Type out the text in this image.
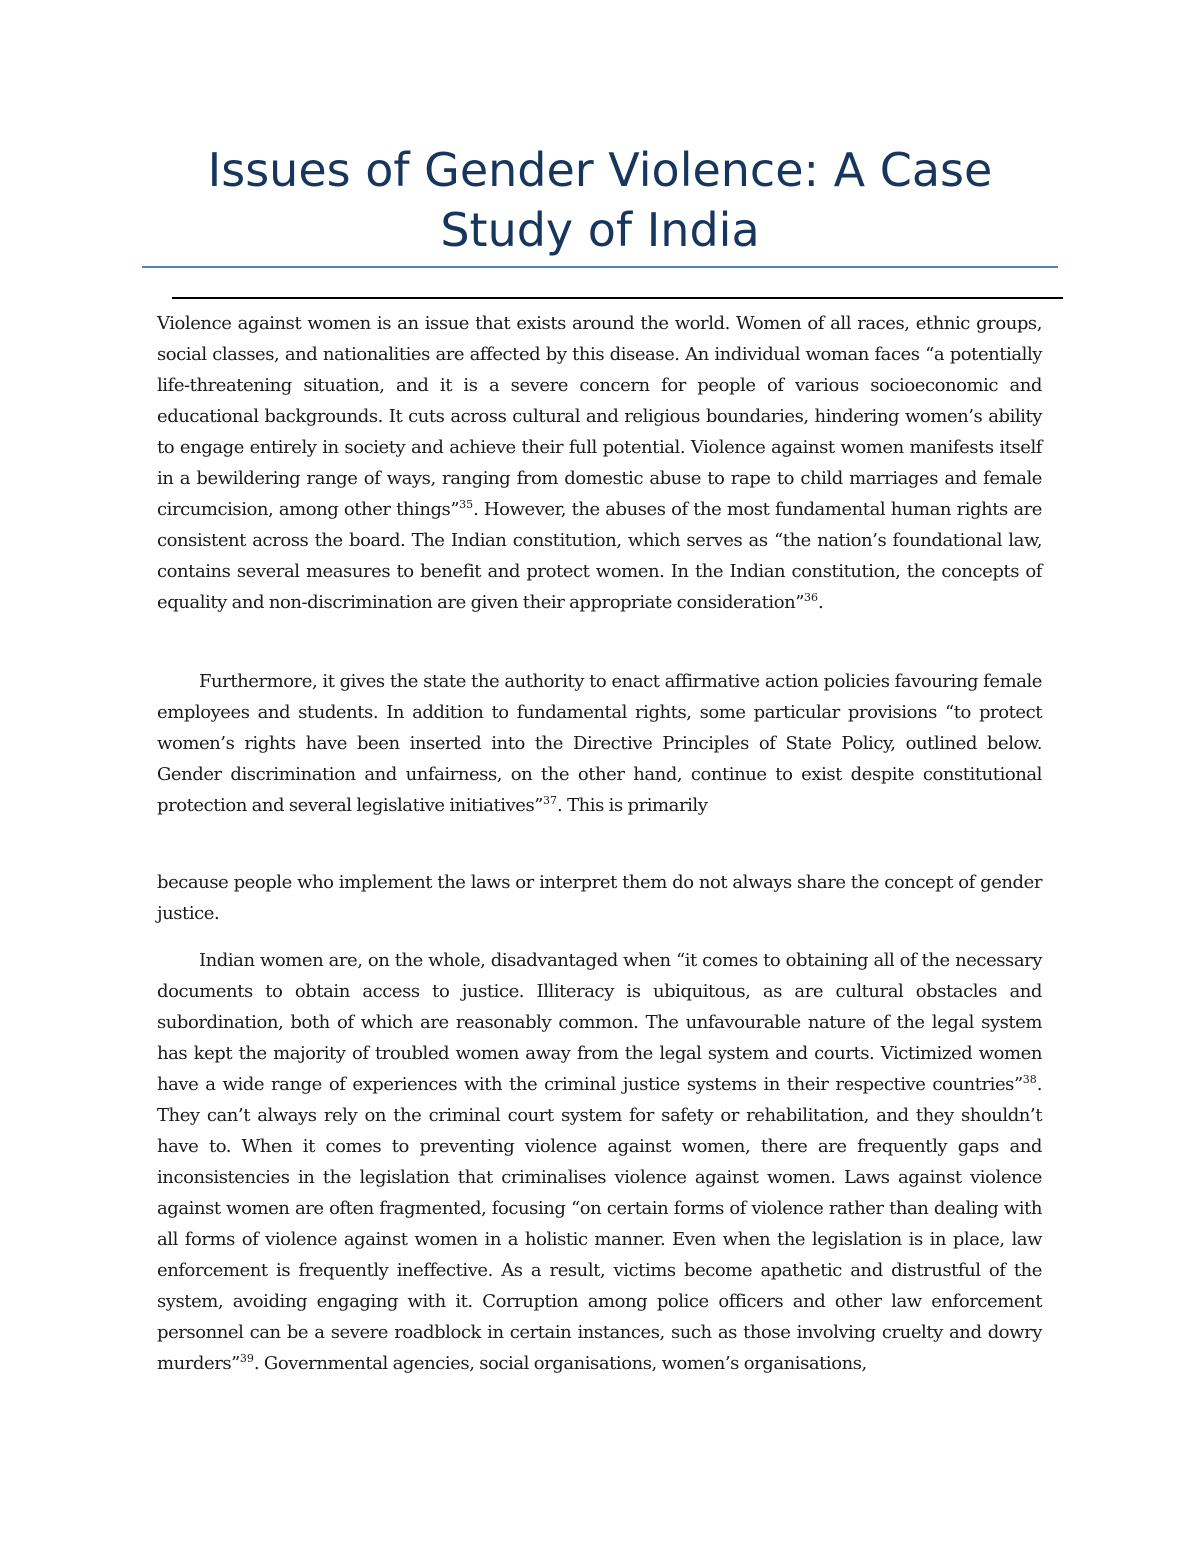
Issues of Gender Violence: A Case Study of India

Violence against women is an issue that exists around the world. Women of all races, ethnic groups, social classes, and nationalities are affected by this disease. An individual woman faces “a potentially life-threatening situation, and it is a severe concern for people of various socioeconomic and educational backgrounds. It cuts across cultural and religious boundaries, hindering women’s ability to engage entirely in society and achieve their full potential. Violence against women manifests itself in a bewildering range of ways, ranging from domestic abuse to rape to child marriages and female circumcision, among other things”$^{35}$. However, the abuses of the most fundamental human rights are consistent across the board. The Indian constitution, which serves as “the nation’s foundational law, contains several measures to benefit and protect women. In the Indian constitution, the concepts of equality and non-discrimination are given their appropriate consideration”$^{36}$.

Furthermore, it gives the state the authority to enact affirmative action policies favouring female employees and students. In addition to fundamental rights, some particular provisions “to protect women’s rights have been inserted into the Directive Principles of State Policy, outlined below. Gender discrimination and unfairness, on the other hand, continue to exist despite constitutional protection and several legislative initiatives”$^{37}$. This is primarily

because people who implement the laws or interpret them do not always share the concept of gender justice.

Indian women are, on the whole, disadvantaged when “it comes to obtaining all of the necessary documents to obtain access to justice. Illiteracy is ubiquitous, as are cultural obstacles and subordination, both of which are reasonably common. The unfavourable nature of the legal system has kept the majority of troubled women away from the legal system and courts. Victimized women have a wide range of experiences with the criminal justice systems in their respective countries”$^{38}$. They can’t always rely on the criminal court system for safety or rehabilitation, and they shouldn’t have to. When it comes to preventing violence against women, there are frequently gaps and inconsistencies in the legislation that criminalises violence against women. Laws against violence against women are often fragmented, focusing “on certain forms of violence rather than dealing with all forms of violence against women in a holistic manner. Even when the legislation is in place, law enforcement is frequently ineffective. As a result, victims become apathetic and distrustful of the system, avoiding engaging with it. Corruption among police officers and other law enforcement personnel can be a severe roadblock in certain instances, such as those involving cruelty and dowry murders”$^{39}$. Governmental agencies, social organisations, women’s organisations,
